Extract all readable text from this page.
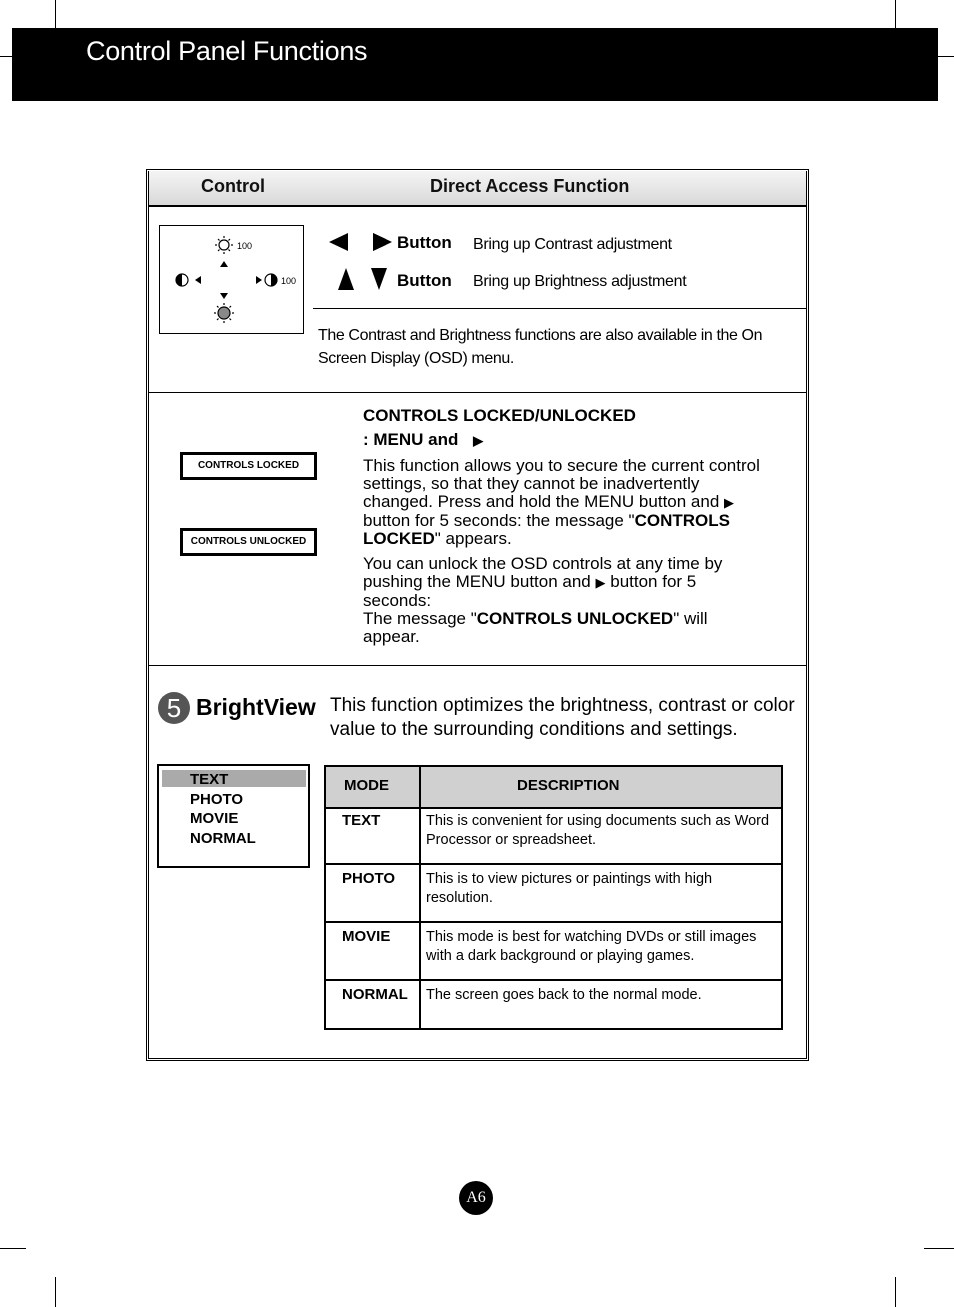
Control Panel Functions
Control	Direct Access Function
100
100
Button Bring up Contrast adjustment
Button Bring up Brightness adjustment
The Contrast and Brightness functions are also available in the On Screen Display (OSD) menu.
CONTROLS LOCKED
CONTROLS UNLOCKED
CONTROLS LOCKED/UNLOCKED
: MENU and ▶
This function allows you to secure the current control settings, so that they cannot be inadvertently changed. Press and hold the MENU button and ▶ button for 5 seconds: the message "CONTROLS LOCKED" appears.
You can unlock the OSD controls at any time by pushing the MENU button and ▶ button for 5 seconds:
The message "CONTROLS UNLOCKED" will appear.
5 BrightView This function optimizes the brightness, contrast or color value to the surrounding conditions and settings.
TEXT
PHOTO
MOVIE
NORMAL
MODE	DESCRIPTION
TEXT	This is convenient for using documents such as Word Processor or spreadsheet.
PHOTO This is to view pictures or paintings with high resolution.
MOVIE This mode is best for watching DVDs or still images with a dark background or playing games.
NORMAL The screen goes back to the normal mode.
A6
